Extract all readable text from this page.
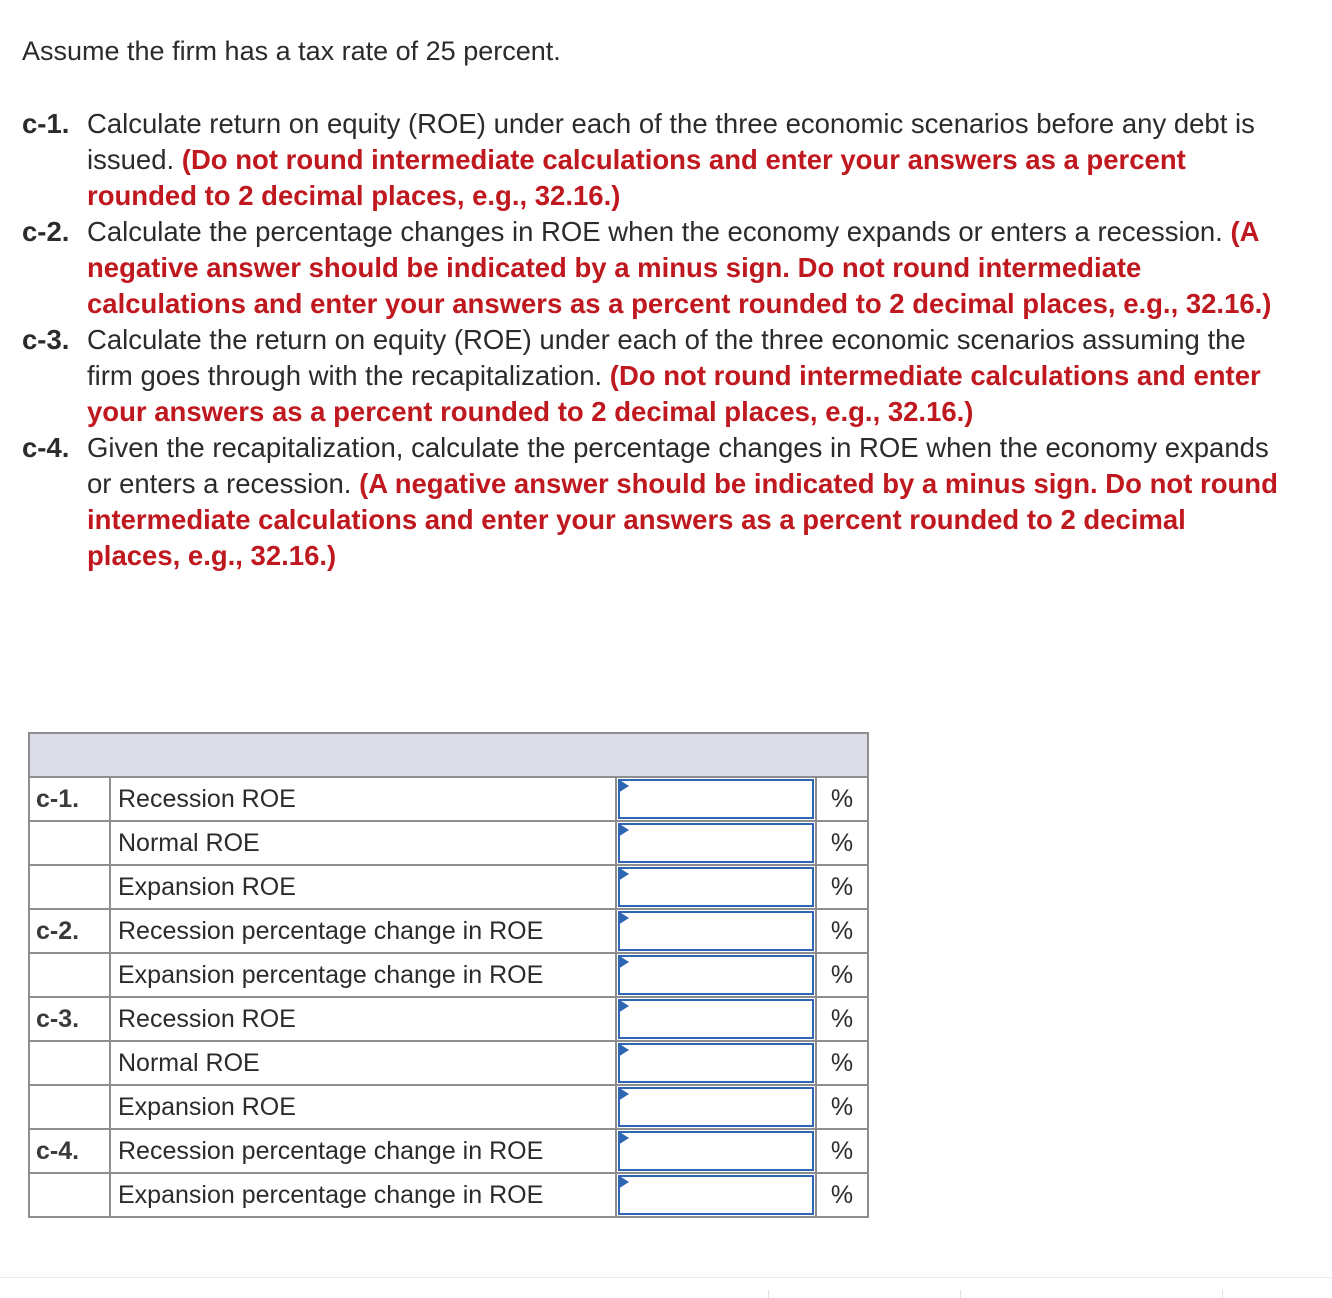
Assume the firm has a tax rate of 25 percent.
c-1. Calculate return on equity (ROE) under each of the three economic scenarios before any debt is issued. (Do not round intermediate calculations and enter your answers as a percent rounded to 2 decimal places, e.g., 32.16.)
c-2. Calculate the percentage changes in ROE when the economy expands or enters a recession. (A negative answer should be indicated by a minus sign. Do not round intermediate calculations and enter your answers as a percent rounded to 2 decimal places, e.g., 32.16.)
c-3. Calculate the return on equity (ROE) under each of the three economic scenarios assuming the firm goes through with the recapitalization. (Do not round intermediate calculations and enter your answers as a percent rounded to 2 decimal places, e.g., 32.16.)
c-4. Given the recapitalization, calculate the percentage changes in ROE when the economy expands or enters a recession. (A negative answer should be indicated by a minus sign. Do not round intermediate calculations and enter your answers as a percent rounded to 2 decimal places, e.g., 32.16.)

c-1.	Recession ROE		%
	Normal ROE		%
	Expansion ROE		%
c-2.	Recession percentage change in ROE		%
	Expansion percentage change in ROE		%
c-3.	Recession ROE		%
	Normal ROE		%
	Expansion ROE		%
c-4.	Recession percentage change in ROE		%
	Expansion percentage change in ROE		%
